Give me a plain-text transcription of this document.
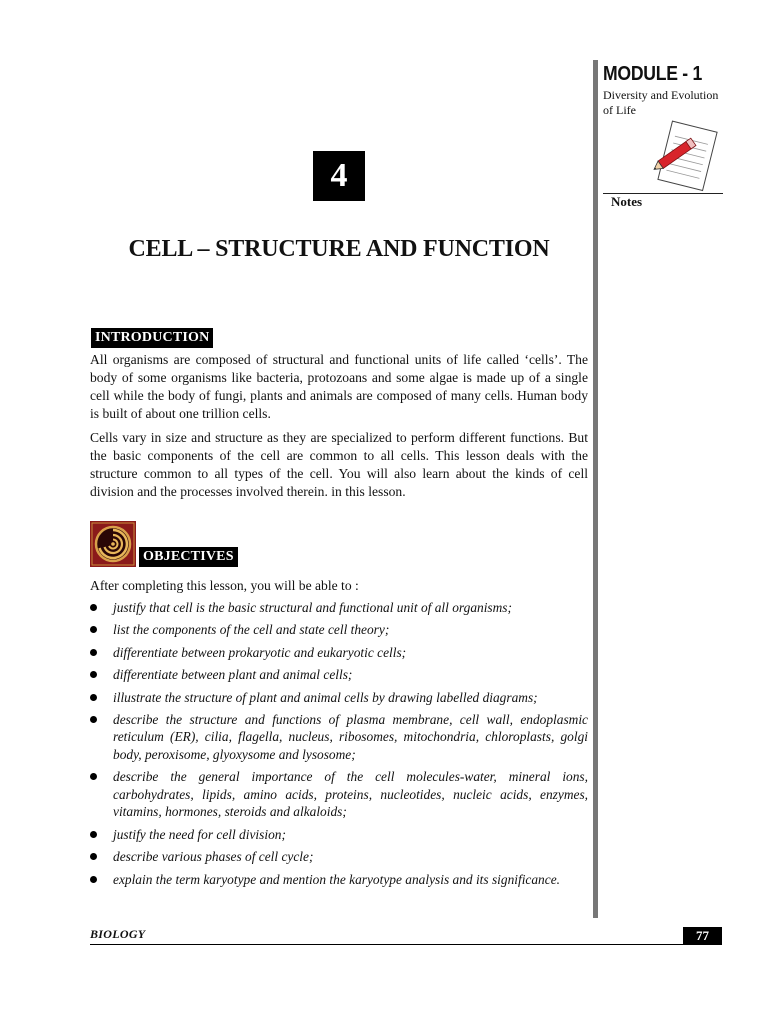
MODULE - 1
Diversity and Evolution
of Life
Notes
4
CELL – STRUCTURE AND FUNCTION
INTRODUCTION

All organisms are composed of structural and functional units of life called ‘cells’. The body of some organisms like bacteria, protozoans and some algae is made up of a single cell while the body of fungi, plants and animals are composed of many cells. Human body is built of about one trillion cells.

Cells vary in size and structure as they are specialized to perform different functions. But the basic components of the cell are common to all cells. This lesson deals with the structure common to all types of the cell. You will also learn about the kinds of cell division and the processes involved therein. in this lesson.

OBJECTIVES
After completing this lesson, you will be able to :
justify that cell is the basic structural and functional unit of all organisms;
list the components of the cell and state cell theory;
differentiate between prokaryotic and eukaryotic cells;
differentiate between plant and animal cells;
illustrate the structure of plant and animal cells by drawing labelled diagrams;
describe the structure and functions of plasma membrane, cell wall, endoplasmic reticulum (ER), cilia, flagella, nucleus, ribosomes, mitochondria, chloroplasts, golgi body, peroxisome, glyoxysome and lysosome;
describe the general importance of the cell molecules-water, mineral ions, carbohydrates, lipids, amino acids, proteins, nucleotides, nucleic acids, enzymes, vitamins, hormones, steroids and alkaloids;
justify the need for cell division;
describe various phases of cell cycle;
explain the term karyotype and mention the karyotype analysis and its significance.
BIOLOGY	77
